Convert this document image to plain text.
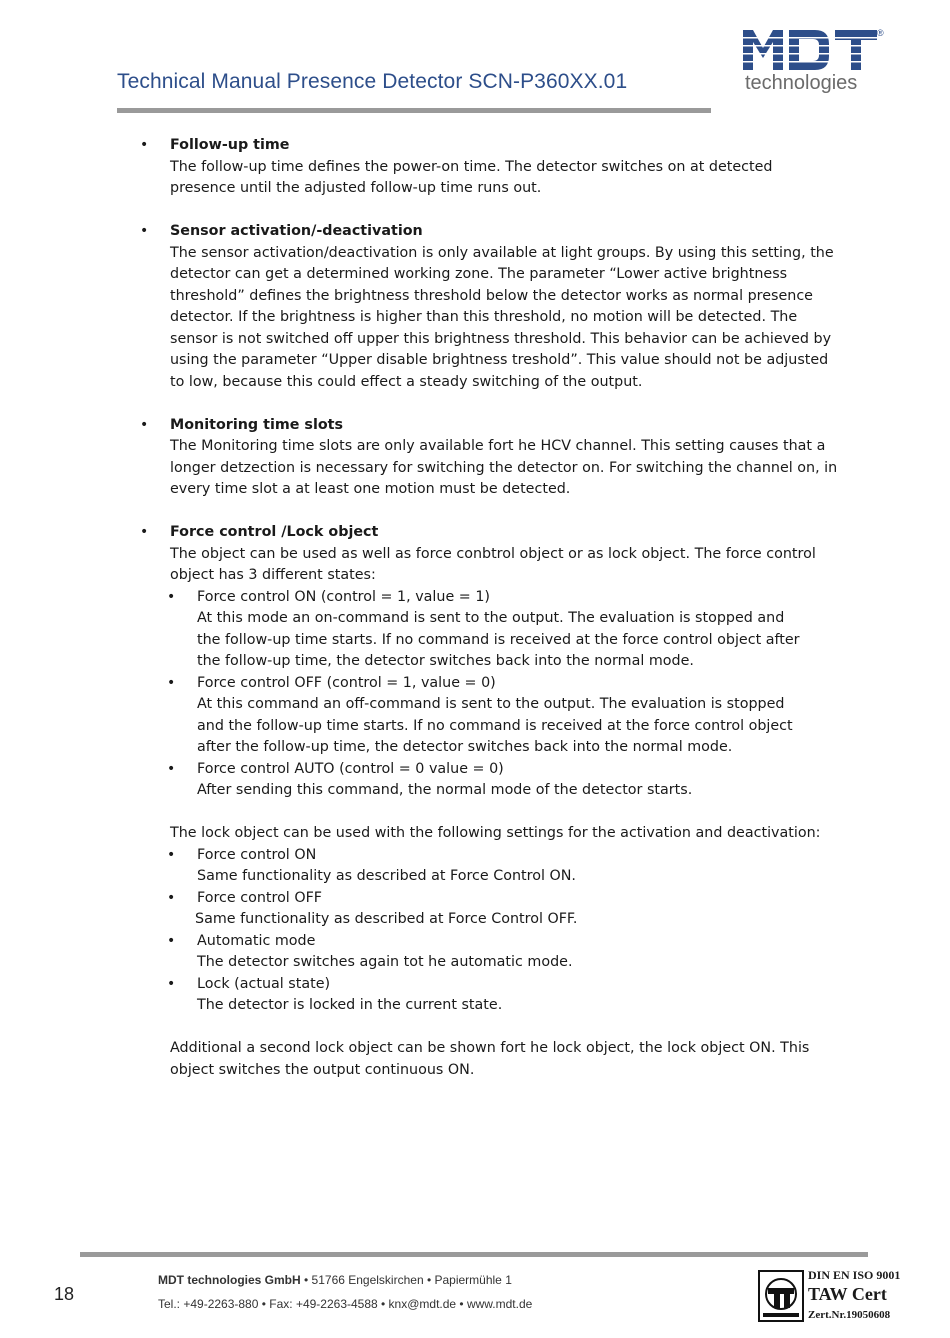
Technical Manual Presence Detector SCN-P360XX.01
®
technologies
• Follow-up time
The follow-up time defines the power-on time. The detector switches on at detected
presence until the adjusted follow-up time runs out.
• Sensor activation/-deactivation
The sensor activation/deactivation is only available at light groups. By using this setting, the
detector can get a determined working zone. The parameter “Lower active brightness
threshold” defines the brightness threshold below the detector works as normal presence
detector. If the brightness is higher than this threshold, no motion will be detected. The
sensor is not switched off upper this brightness threshold. This behavior can be achieved by
using the parameter “Upper disable brightness treshold”. This value should not be adjusted
to low, because this could effect a steady switching of the output.
• Monitoring time slots
The Monitoring time slots are only available fort he HCV channel. This setting causes that a
longer detzection is necessary for switching the detector on. For switching the channel on, in
every time slot a at least one motion must be detected.
• Force control /Lock object
The object can be used as well as force conbtrol object or as lock object. The force control
object has 3 different states:
• Force control ON (control = 1, value = 1)
At this mode an on-command is sent to the output. The evaluation is stopped and
the follow-up time starts. If no command is received at the force control object after
the follow-up time, the detector switches back into the normal mode.
• Force control OFF (control = 1, value = 0)
At this command an off-command is sent to the output. The evaluation is stopped
and the follow-up time starts. If no command is received at the force control object
after the follow-up time, the detector switches back into the normal mode.
• Force control AUTO (control = 0 value = 0)
After sending this command, the normal mode of the detector starts.
The lock object can be used with the following settings for the activation and deactivation:
• Force control ON
Same functionality as described at Force Control ON.
• Force control OFF
Same functionality as described at Force Control OFF.
• Automatic mode
The detector switches again tot he automatic mode.
• Lock (actual state)
The detector is locked in the current state.
Additional a second lock object can be shown fort he lock object, the lock object ON. This
object switches the output continuous ON.
18
MDT technologies GmbH • 51766 Engelskirchen • Papiermühle 1
Tel.: +49-2263-880 • Fax: +49-2263-4588 • knx@mdt.de • www.mdt.de
DIN EN ISO 9001
TAW Cert
Zert.Nr.19050608
